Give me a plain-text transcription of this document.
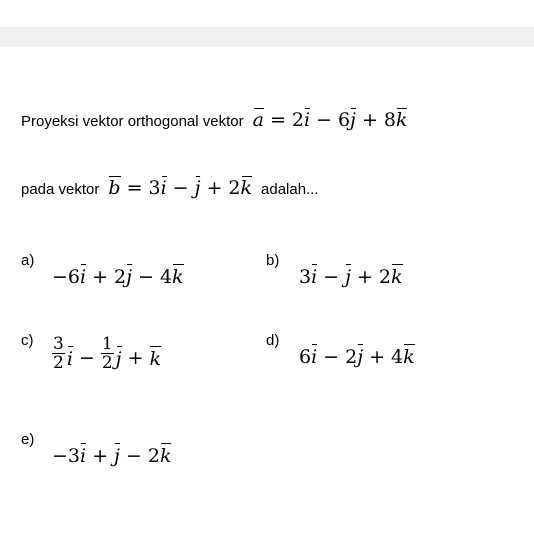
Proyeksi vektor orthogonal vektor a = 2 i − 6 j + 8 k
pada vektor b = 3 i − j + 2 k adalah...
a)
− 6 i + 2 j − 4 k
b)
3 i − j + 2 k
$c) \frac{3}{2}$ $i - \frac{1}{2}$ j + k
d)
6 i − 2 j + 4 k
e)
− 3 i + j − 2 k
